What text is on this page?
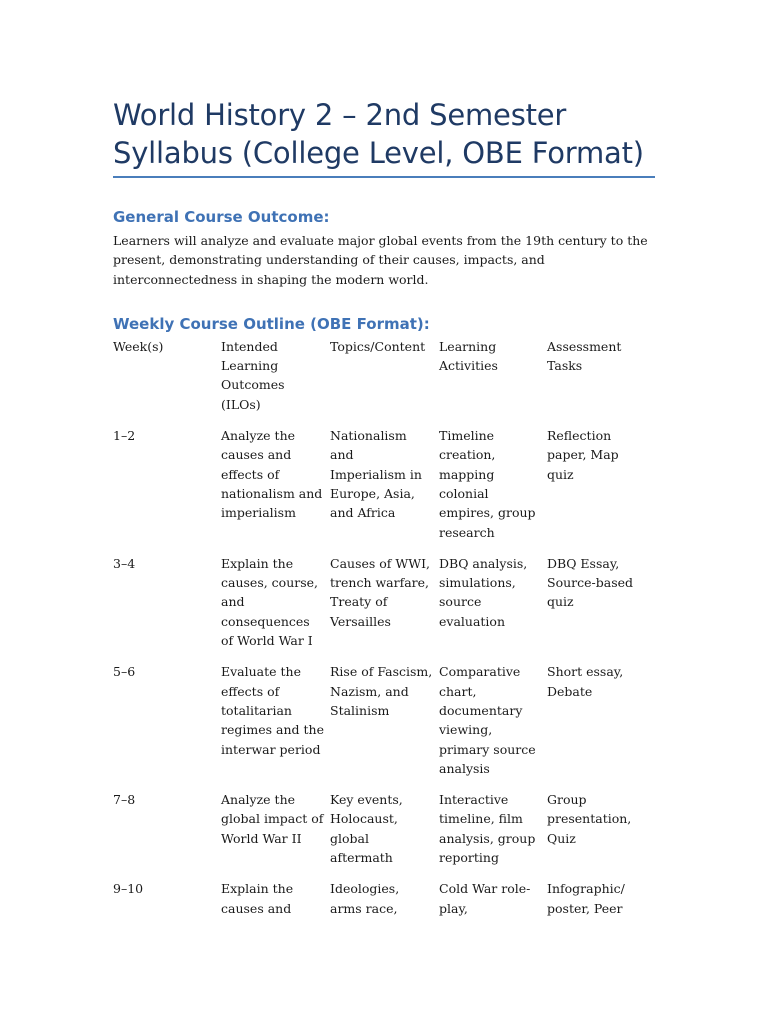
World History 2 – 2nd Semester Syllabus (College Level, OBE Format)
General Course Outcome:

Learners will analyze and evaluate major global events from the 19th century to the present, demonstrating understanding of their causes, impacts, and interconnectedness in shaping the modern world.

Weekly Course Outline (OBE Format):
Week(s)	Intended Learning Outcomes (ILOs)	Topics/Content	Learning Activities	Assessment Tasks
1–2	Analyze the causes and effects of nationalism and imperialism	Nationalism and Imperialism in Europe, Asia, and Africa	Timeline creation, mapping colonial empires, group research	Reflection paper, Map quiz
3–4	Explain the causes, course, and consequences of World War I	Causes of WWI, trench warfare, Treaty of Versailles	DBQ analysis, simulations, source evaluation	DBQ Essay, Source-based quiz
5–6	Evaluate the effects of totalitarian regimes and the interwar period	Rise of Fascism, Nazism, and Stalinism	Comparative chart, documentary viewing, primary source analysis	Short essay, Debate
7–8	Analyze the global impact of World War II	Key events, Holocaust, global aftermath	Interactive timeline, film analysis, group reporting	Group presentation, Quiz
9–10	Explain the causes and	Ideologies, arms race,	Cold War role-play,	Infographic/ poster, Peer
